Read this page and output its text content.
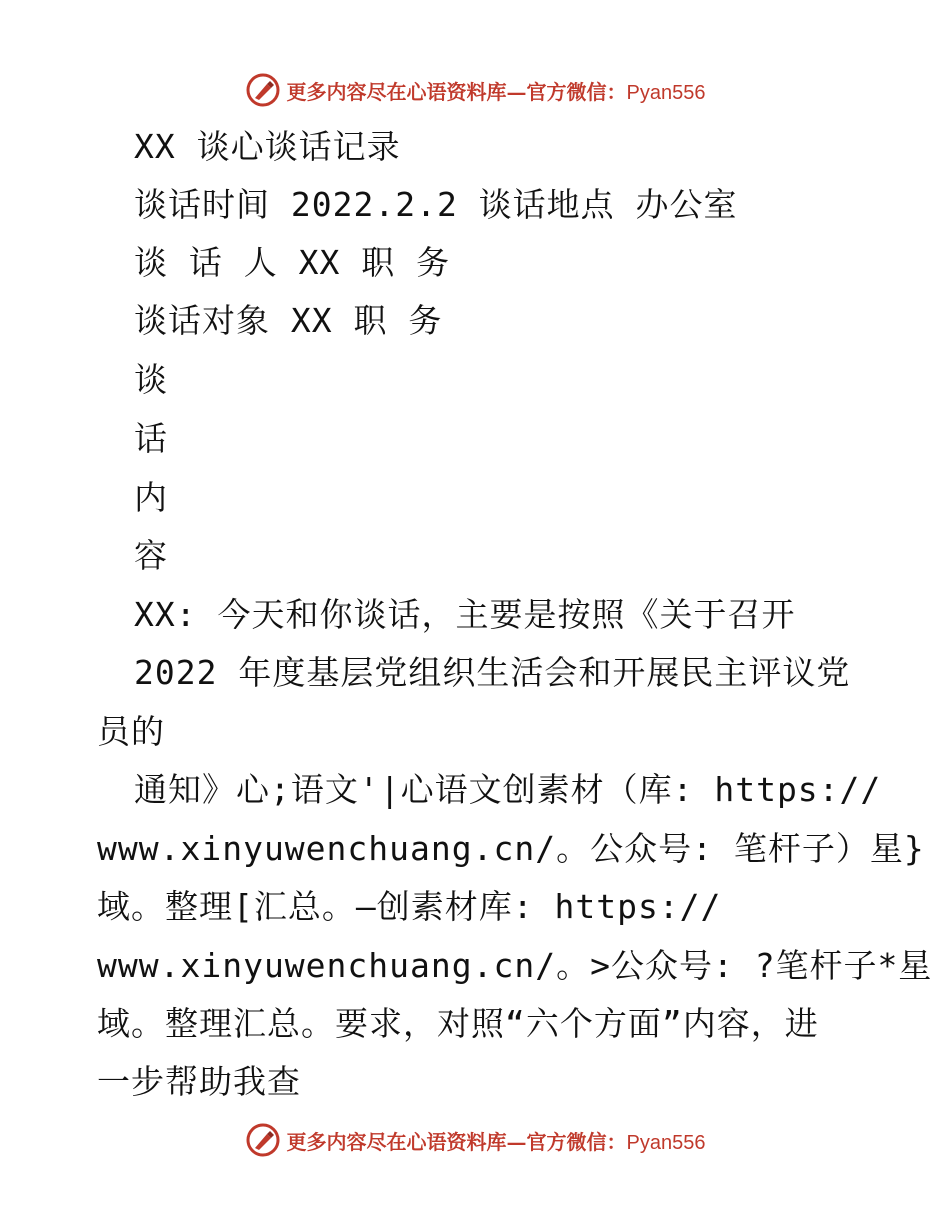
更多内容尽在心语资料库—官方微信：Pyan556
XX 谈心谈话记录
谈话时间 2022.2.2 谈话地点 办公室
谈 话 人 XX 职 务
谈话对象 XX 职 务
谈
话
内
容
XX: 今天和你谈话，主要是按照《关于召开
2022 年度基层党组织生活会和开展民主评议党
员的
通知》心;语文'|心语文创素材（库: https://
www.xinyuwenchuang.cn/。公众号: 笔杆子）星}
域。整理[汇总。—创素材库: https://
www.xinyuwenchuang.cn/。>公众号: ?笔杆子*星
域。整理汇总。要求，对照“六个方面”内容，进
一步帮助我查
更多内容尽在心语资料库—官方微信：Pyan556
